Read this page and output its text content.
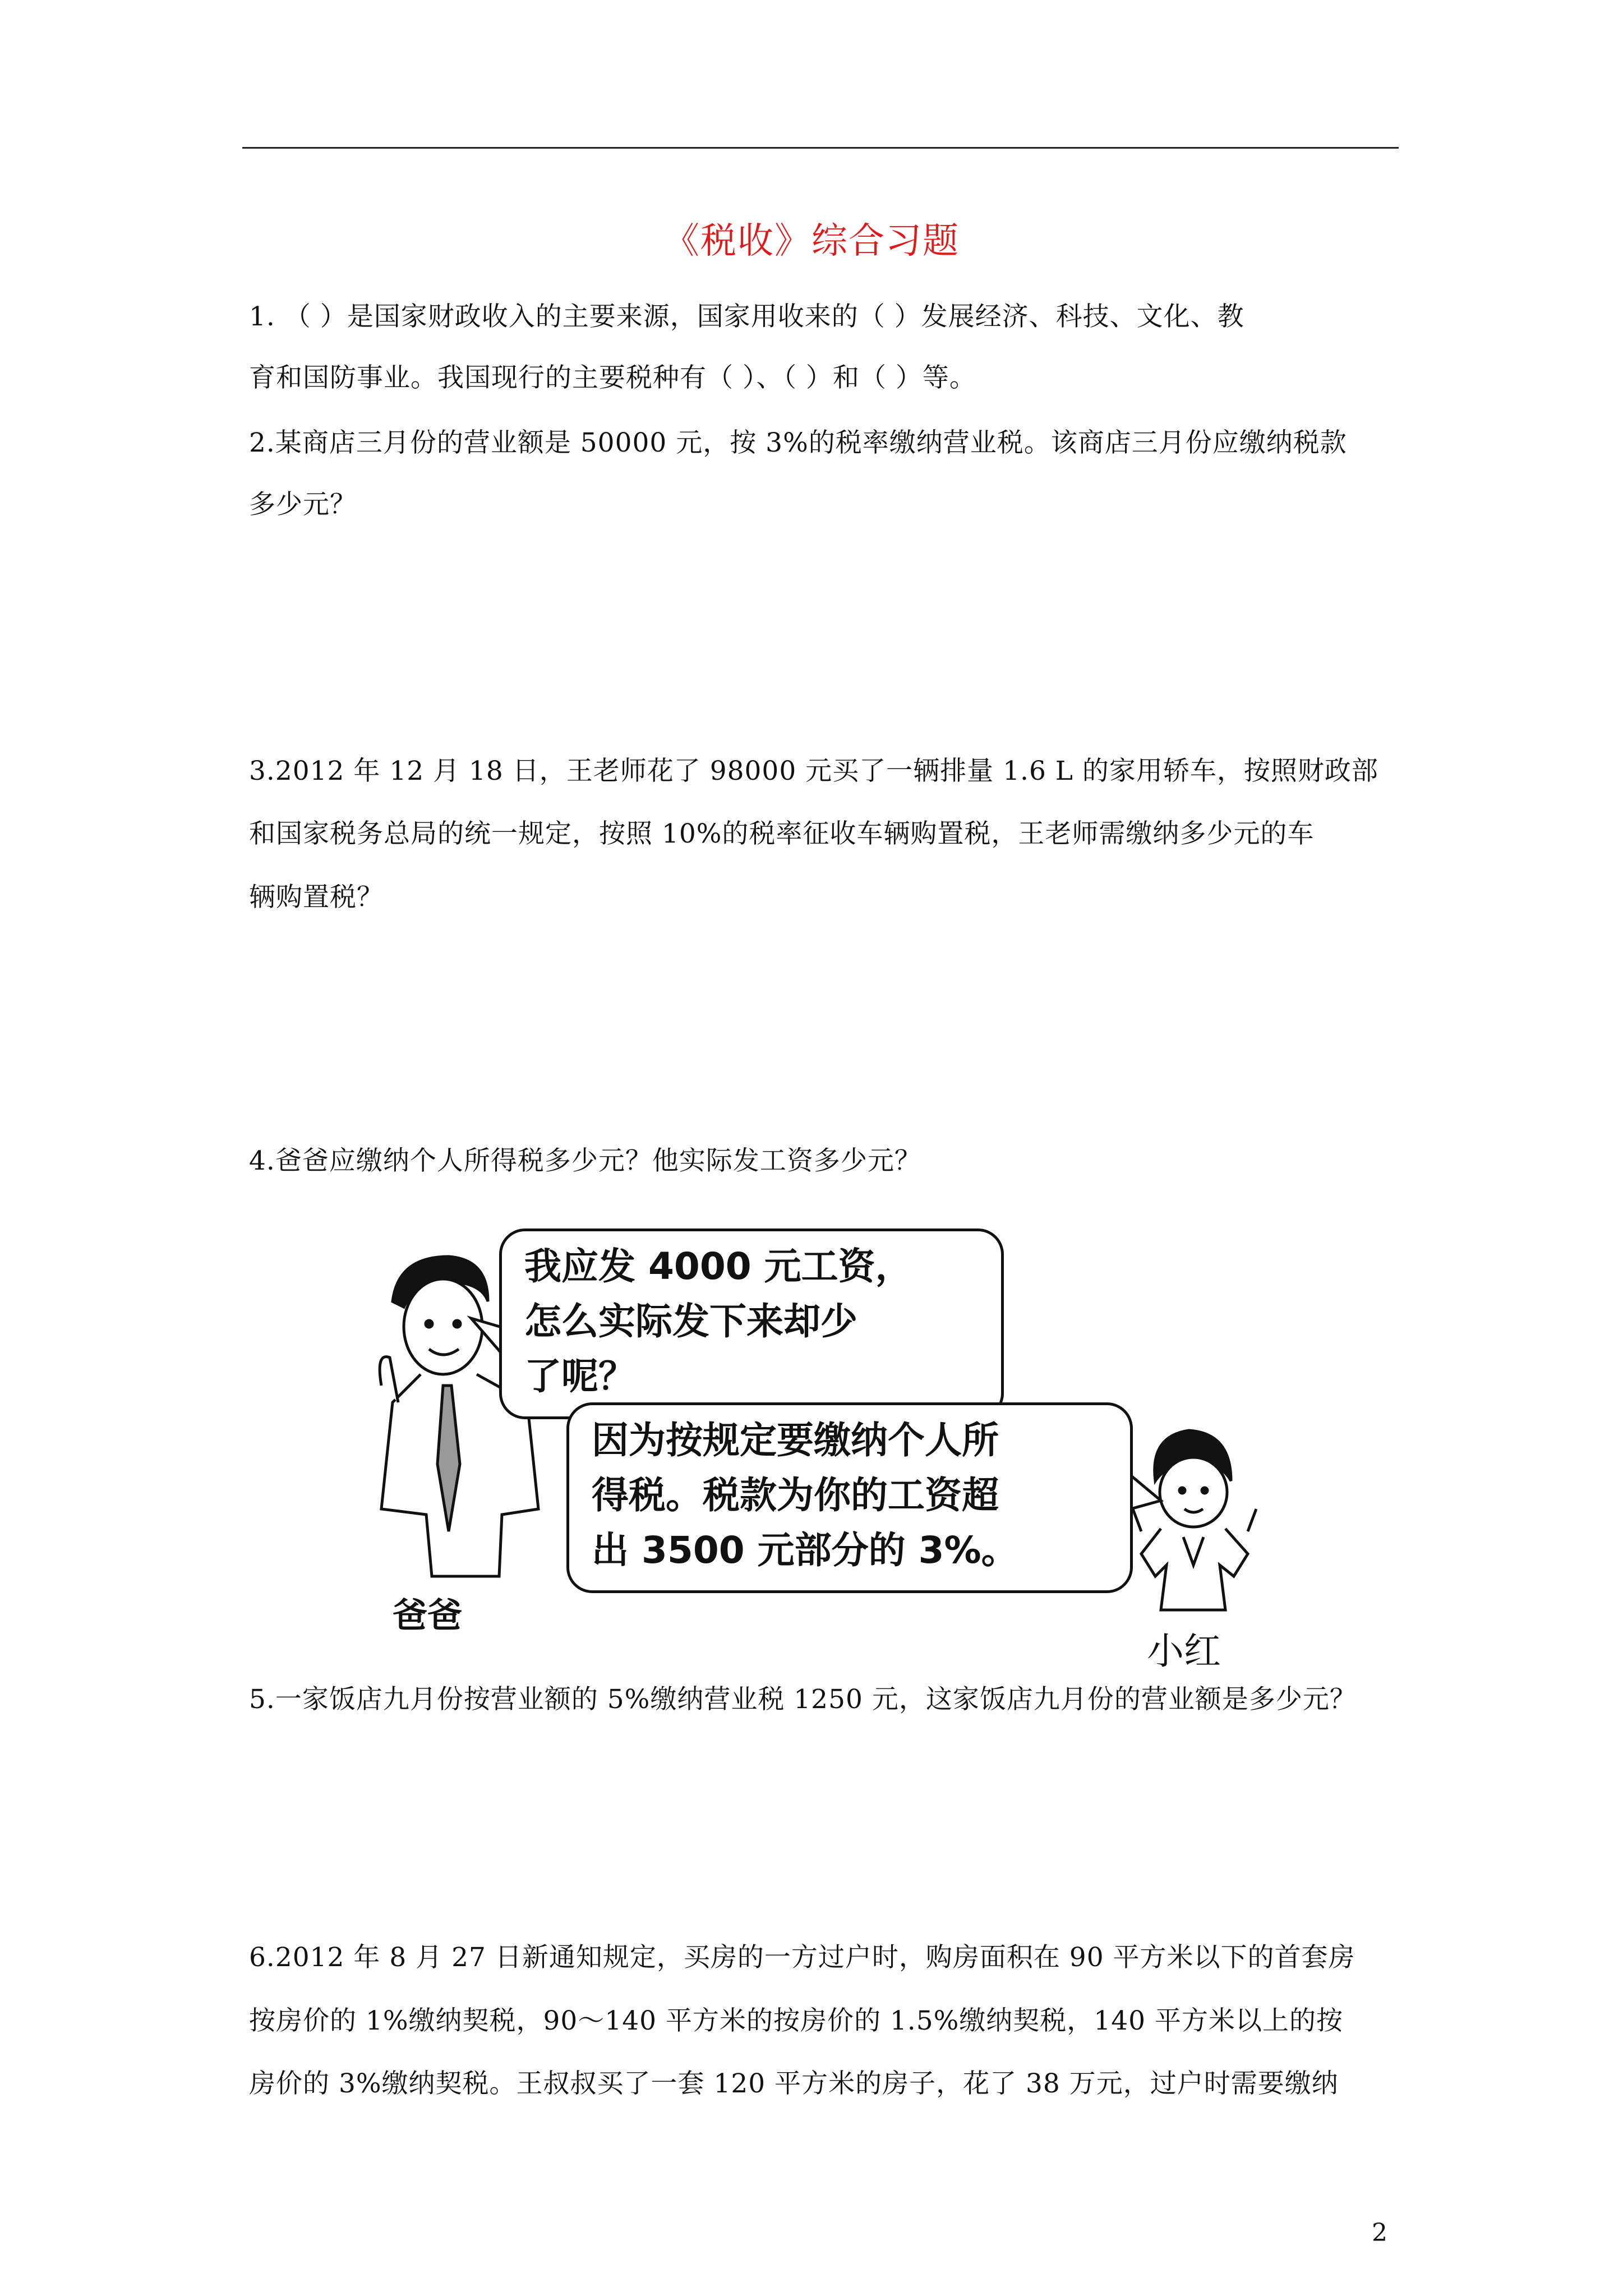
《税收》综合习题
1. （ ）是国家财政收入的主要来源，国家用收来的（ ）发展经济、科技、文化、教
育和国防事业。我国现行的主要税种有（ ）、（ ）和（ ）等。
2.某商店三月份的营业额是 50000 元，按 3%的税率缴纳营业税。该商店三月份应缴纳税款
多少元？
3.2012 年 12 月 18 日，王老师花了 98000 元买了一辆排量 1.6 L 的家用轿车，按照财政部
和国家税务总局的统一规定，按照 10%的税率征收车辆购置税，王老师需缴纳多少元的车
辆购置税？
4.爸爸应缴纳个人所得税多少元？他实际发工资多少元？
我应发 4000 元工资，
怎么实际发下来却少
了呢？
因为按规定要缴纳个人所
得税。税款为你的工资超
出 3500 元部分的 3%。
爸爸
小红
5.一家饭店九月份按营业额的 5%缴纳营业税 1250 元，这家饭店九月份的营业额是多少元？
6.2012 年 8 月 27 日新通知规定，买房的一方过户时，购房面积在 90 平方米以下的首套房
按房价的 1%缴纳契税，90～140 平方米的按房价的 1.5%缴纳契税，140 平方米以上的按
房价的 3%缴纳契税。王叔叔买了一套 120 平方米的房子，花了 38 万元，过户时需要缴纳
2
